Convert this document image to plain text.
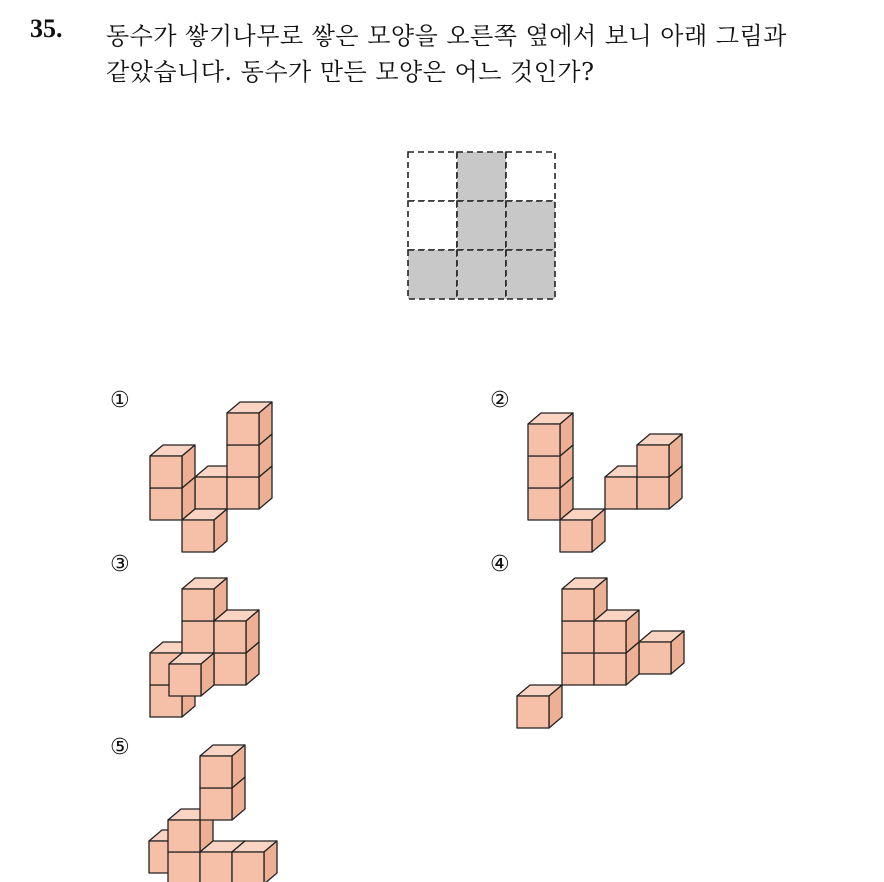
35. 동수가 쌓기나무로 쌓은 모양을 오른쪽 옆에서 보니 아래 그림과
같았습니다. 동수가 만든 모양은 어느 것인가?
①	②
③	④
⑤
